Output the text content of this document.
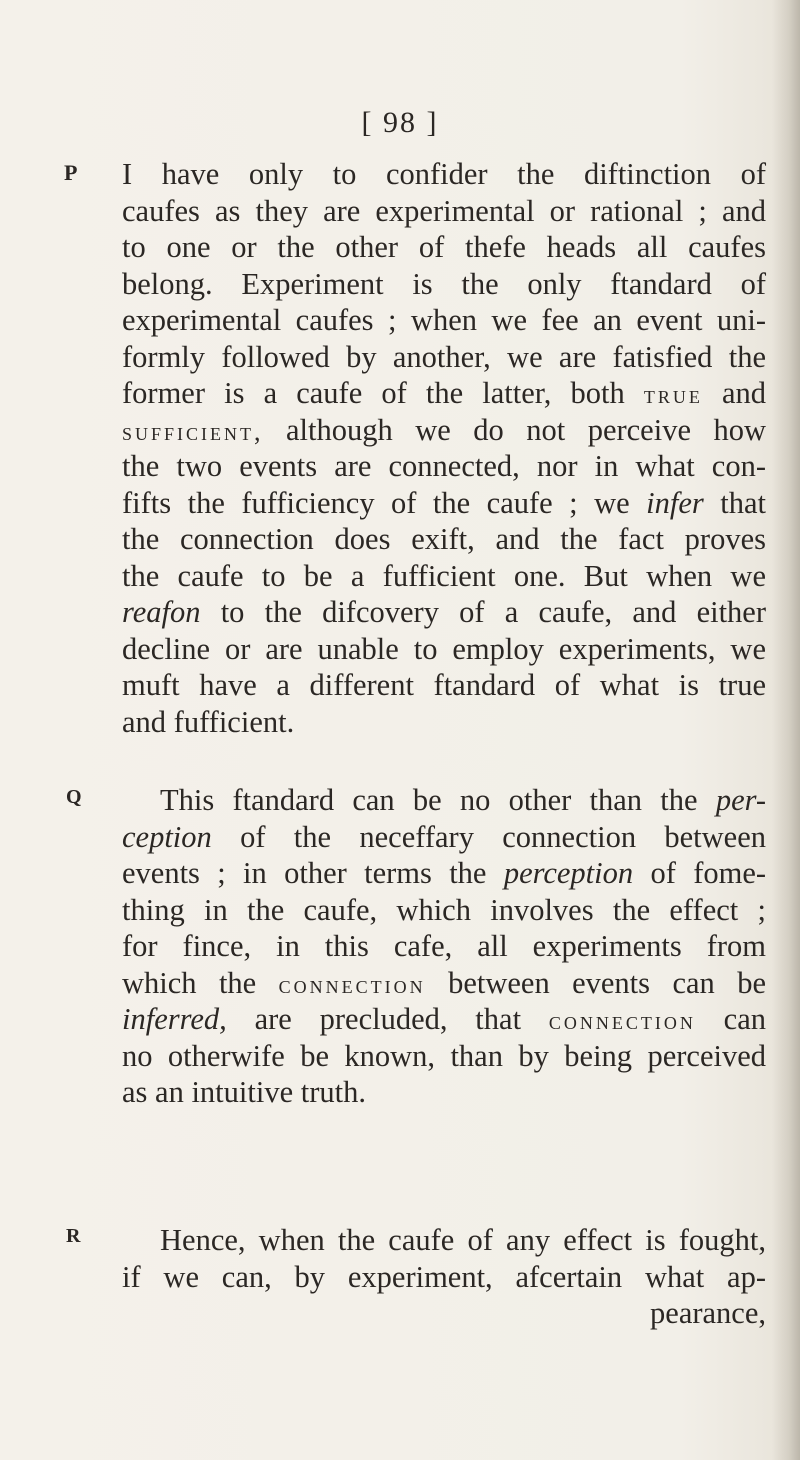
[ 98 ]
P
Q
R
I have only to confider the diftinction of
caufes as they are experimental or rational ; and
to one or the other of thefe heads all caufes
belong. Experiment is the only ftandard of
experimental caufes ; when we fee an event uni-
formly followed by another, we are fatisfied the
former is a caufe of the latter, both true and
sufficient, although we do not perceive how
the two events are connected, nor in what con-
fifts the fufficiency of the caufe ; we infer that
the connection does exift, and the fact proves
the caufe to be a fufficient one. But when we
reafon to the difcovery of a caufe, and either
decline or are unable to employ experiments, we
muft have a different ftandard of what is true
and fufficient.
This ftandard can be no other than the per-
ception of the neceffary connection between
events ; in other terms the perception of fome-
thing in the caufe, which involves the effect ;
for fince, in this cafe, all experiments from
which the connection between events can be
inferred, are precluded, that connection can
no otherwife be known, than by being perceived
as an intuitive truth.
Hence, when the caufe of any effect is fought,
if we can, by experiment, afcertain what ap-
pearance,
